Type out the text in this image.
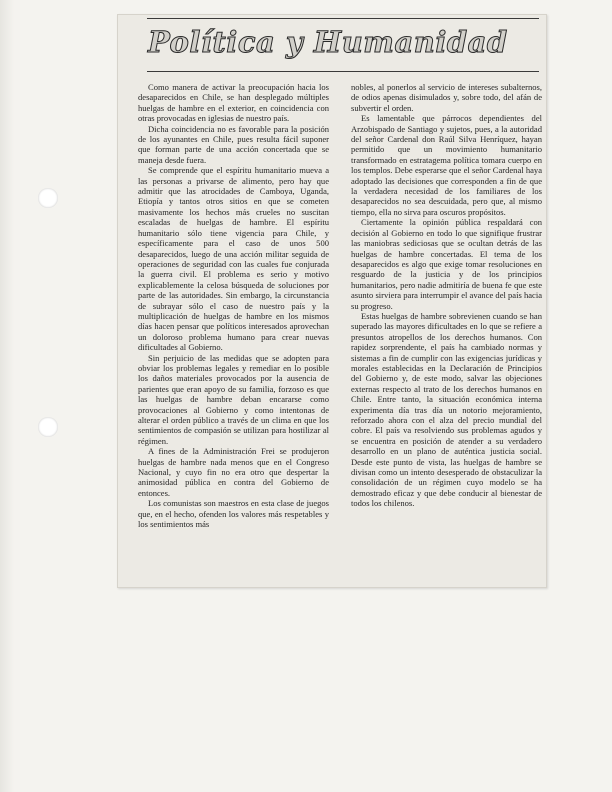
Política y Humanidad

Como manera de activar la preocupación hacia los desaparecidos en Chile, se han desplegado múltiples huelgas de hambre en el exterior, en coincidencia con otras provocadas en iglesias de nuestro país.

Dicha coincidencia no es favorable para la posición de los ayunantes en Chile, pues resulta fácil suponer que forman parte de una acción concertada que se maneja desde fuera.

Se comprende que el espíritu humanitario mueva a las personas a privarse de alimento, pero hay que admitir que las atrocidades de Camboya, Uganda, Etiopía y tantos otros sitios en que se cometen masivamente los hechos más crueles no suscitan escaladas de huelgas de hambre. El espíritu humanitario sólo tiene vigencia para Chile, y específicamente para el caso de unos 500 desaparecidos, luego de una acción militar seguida de operaciones de seguridad con las cuales fue conjurada la guerra civil. El problema es serio y motivo explicablemente la celosa búsqueda de soluciones por parte de las autoridades. Sin embargo, la circunstancia de subrayar sólo el caso de nuestro país y la multiplicación de huelgas de hambre en los mismos días hacen pensar que políticos interesados aprovechan un doloroso problema humano para crear nuevas dificultades al Gobierno.

Sin perjuicio de las medidas que se adopten para obviar los problemas legales y remediar en lo posible los daños materiales provocados por la ausencia de parientes que eran apoyo de su familia, forzoso es que las huelgas de hambre deban encararse como provocaciones al Gobierno y como intentonas de alterar el orden público a través de un clima en que los sentimientos de compasión se utilizan para hostilizar al régimen.

A fines de la Administración Frei se produjeron huelgas de hambre nada menos que en el Congreso Nacional, y cuyo fin no era otro que despertar la animosidad pública en contra del Gobierno de entonces.

Los comunistas son maestros en esta clase de juegos que, en el hecho, ofenden los valores más respetables y los sentimientos más

nobles, al ponerlos al servicio de intereses subalternos, de odios apenas disimulados y, sobre todo, del afán de subvertir el orden.

Es lamentable que párrocos dependientes del Arzobispado de Santiago y sujetos, pues, a la autoridad del señor Cardenal don Raúl Silva Henríquez, hayan permitido que un movimiento humanitario transformado en estratagema política tomara cuerpo en los templos. Debe esperarse que el señor Cardenal haya adoptado las decisiones que corresponden a fin de que la verdadera necesidad de los familiares de los desaparecidos no sea descuidada, pero que, al mismo tiempo, ella no sirva para oscuros propósitos.

Ciertamente la opinión pública respaldará con decisión al Gobierno en todo lo que signifique frustrar las maniobras sediciosas que se ocultan detrás de las huelgas de hambre concertadas. El tema de los desaparecidos es algo que exige tomar resoluciones en resguardo de la justicia y de los principios humanitarios, pero nadie admitiría de buena fe que este asunto sirviera para interrumpir el avance del país hacia su progreso.

Estas huelgas de hambre sobrevienen cuando se han superado las mayores dificultades en lo que se refiere a presuntos atropellos de los derechos humanos. Con rapidez sorprendente, el país ha cambiado normas y sistemas a fin de cumplir con las exigencias jurídicas y morales establecidas en la Declaración de Principios del Gobierno y, de este modo, salvar las objeciones externas respecto al trato de los derechos humanos en Chile. Entre tanto, la situación económica interna experimenta día tras día un notorio mejoramiento, reforzado ahora con el alza del precio mundial del cobre. El país va resolviendo sus problemas agudos y se encuentra en posición de atender a su verdadero desarrollo en un plano de auténtica justicia social. Desde este punto de vista, las huelgas de hambre se divisan como un intento desesperado de obstaculizar la consolidación de un régimen cuyo modelo se ha demostrado eficaz y que debe conducir al bienestar de todos los chilenos.
